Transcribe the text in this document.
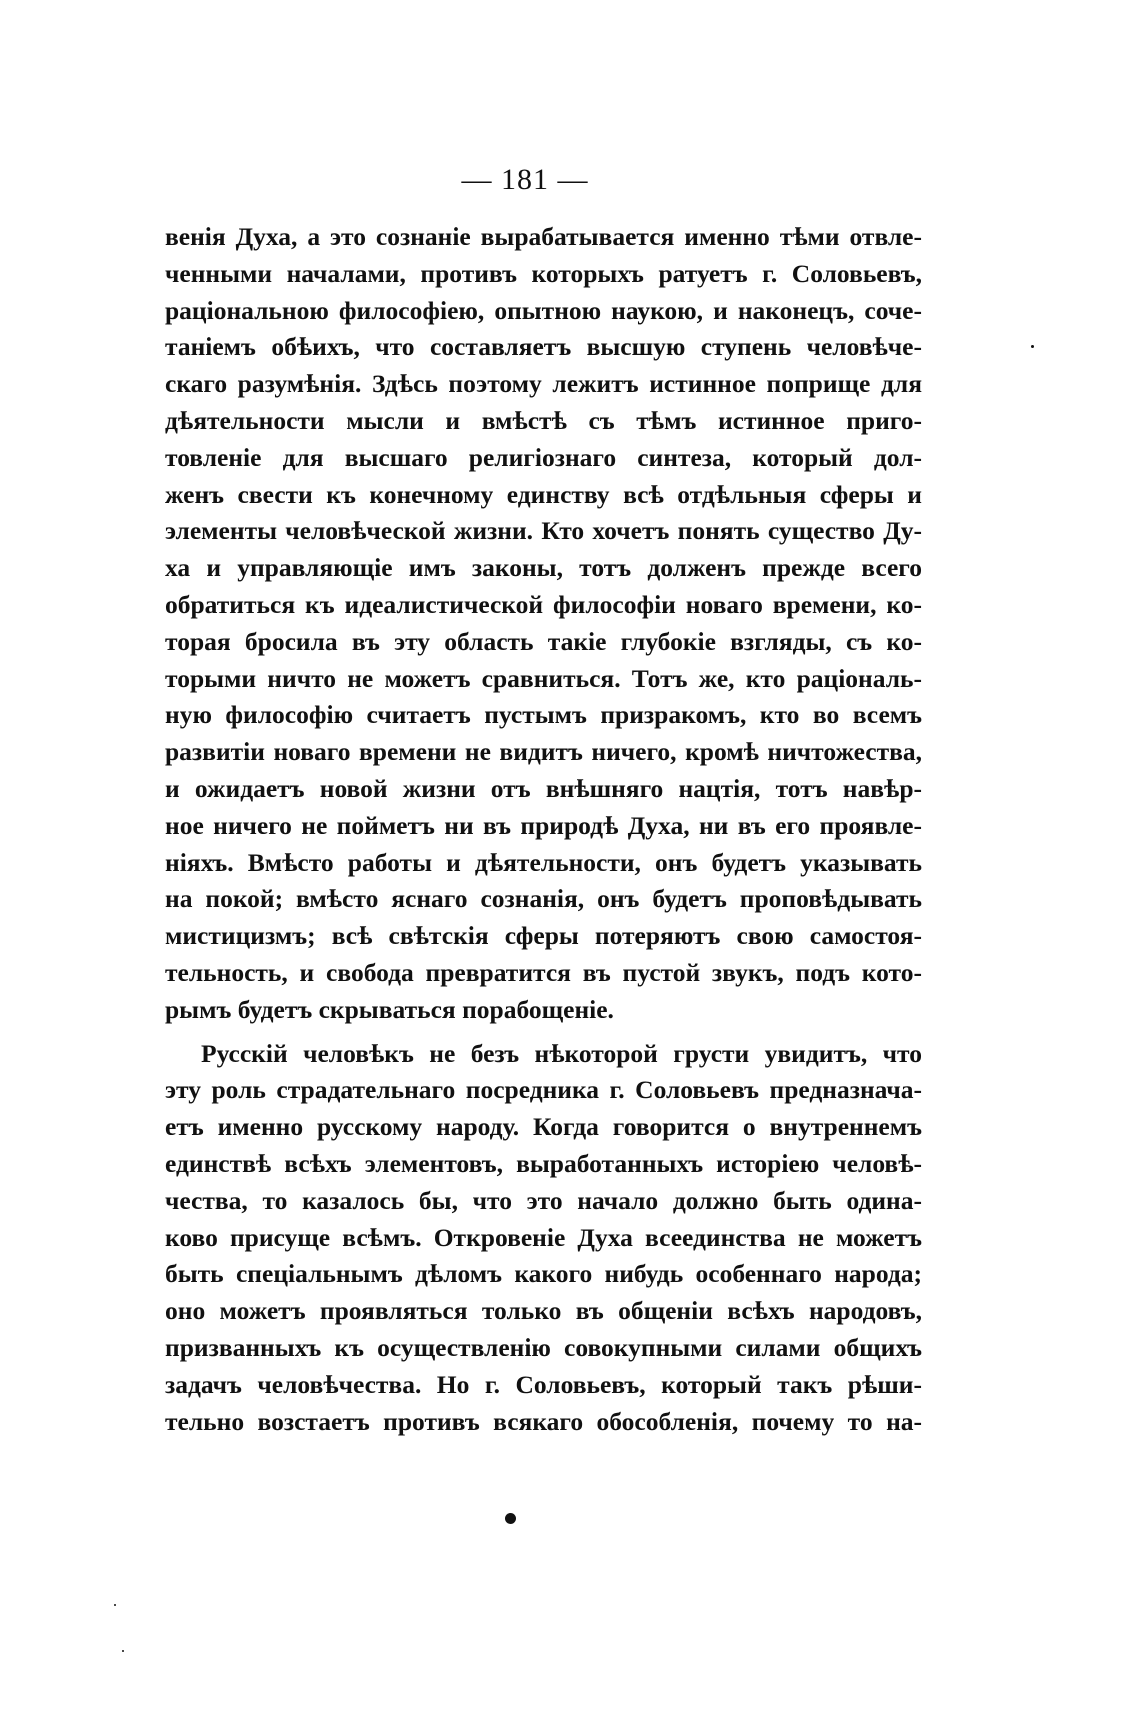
— 181 —
венія Духа, а это сознаніе вырабатывается именно тѣми отвле-
ченными началами, противъ которыхъ ратуетъ г. Соловьевъ,
раціональною философіею, опытною наукою, и наконецъ, соче-
таніемъ обѣихъ, что составляетъ высшую ступень человѣче-
скаго разумѣнія. Здѣсь поэтому лежитъ истинное поприще для
дѣятельности мысли и вмѣстѣ съ тѣмъ истинное приго-
товленіе для высшаго религіознаго синтеза, который дол-
женъ свести къ конечному единству всѣ отдѣльныя сферы и
элементы человѣческой жизни. Кто хочетъ понять существо Ду-
ха и управляющіе имъ законы, тотъ долженъ прежде всего
обратиться къ идеалистической философіи новаго времени, ко-
торая бросила въ эту область такіе глубокіе взгляды, съ ко-
торыми ничто не можетъ сравниться. Тотъ же, кто раціональ-
ную философію считаетъ пустымъ призракомъ, кто во всемъ
развитіи новаго времени не видитъ ничего, кромѣ ничтожества,
и ожидаетъ новой жизни отъ внѣшняго нацтія, тотъ навѣр-
ное ничего не пойметъ ни въ природѣ Духа, ни въ его проявле-
ніяхъ. Вмѣсто работы и дѣятельности, онъ будетъ указывать
на покой; вмѣсто яснаго сознанія, онъ будетъ проповѣдывать
мистицизмъ; всѣ свѣтскія сферы потеряютъ свою самостоя-
тельность, и свобода превратится въ пустой звукъ, подъ кото-
рымъ будетъ скрываться порабощеніе.
Русскій человѣкъ не безъ нѣкоторой грусти увидитъ, что
эту роль страдательнаго посредника г. Соловьевъ предназнача-
етъ именно русскому народу. Когда говорится о внутреннемъ
единствѣ всѣхъ элементовъ, выработанныхъ исторіею человѣ-
чества, то казалось бы, что это начало должно быть одина-
ково присуще всѣмъ. Откровеніе Духа всеединства не можетъ
быть спеціальнымъ дѣломъ какого нибудь особеннаго народа;
оно можетъ проявляться только въ общеніи всѣхъ народовъ,
призванныхъ къ осуществленію совокупными силами общихъ
задачъ человѣчества. Но г. Соловьевъ, который такъ рѣши-
тельно возстаетъ противъ всякаго обособленія, почему то на-
